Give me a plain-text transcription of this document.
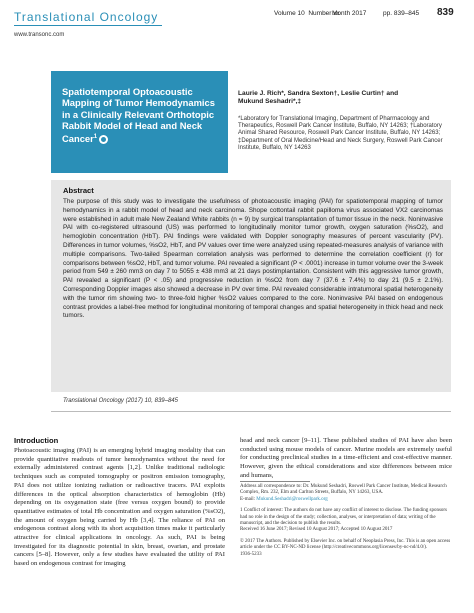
Translational Oncology
www.transonc.com
Volume 10 Number xx
Month 2017	pp. 839–845 839
Spatiotemporal Optoacoustic Mapping of Tumor Hemodynamics in a Clinically Relevant Orthotopic Rabbit Model of Head and Neck Cancer$^1$
Laurie J. Rich*, Sandra Sexton†, Leslie Curtin† and
Mukund Seshadri*,‡
*Laboratory for Translational Imaging, Department of Pharmacology and Therapeutics, Roswell Park Cancer Institute, Buffalo, NY 14263; †Laboratory Animal Shared Resource, Roswell Park Cancer Institute, Buffalo, NY 14263; ‡Department of Oral Medicine/Head and Neck Surgery, Roswell Park Cancer Institute, Buffalo, NY 14263
Abstract
The purpose of this study was to investigate the usefulness of photoacoustic imaging (PAI) for spatiotemporal mapping of tumor hemodynamics in a rabbit model of head and neck carcinoma. Shope cottontail rabbit papilloma virus associated VX2 carcinomas were established in adult male New Zealand White rabbits (n = 9) by surgical transplantation of tumor tissue in the neck. Noninvasive PAI with co-registered ultrasound (US) was performed to longitudinally monitor tumor growth, oxygen saturation (%sO2), and hemoglobin concentration (HbT). PAI findings were validated with Doppler sonography measures of percent vascularity (PV). Differences in tumor volumes, %sO2, HbT, and PV values over time were analyzed using repeated-measures analysis of variance with multiple comparisons. Two-tailed Spearman correlation analysis was performed to determine the correlation coefficient (r) for comparisons between %sO2, HbT, and tumor volume. PAI revealed a significant (P < .0001) increase in tumor volume over the 3-week period from 549 ± 260 mm3 on day 7 to 5055 ± 438 mm3 at 21 days postimplantation. Consistent with this aggressive tumor growth, PAI revealed a significant (P < .05) and progressive reduction in %sO2 from day 7 (37.6 ± 7.4%) to day 21 (9.5 ± 2.1%). Corresponding Doppler images also showed a decrease in PV over time. PAI revealed considerable intratumoral spatial heterogeneity with the tumor rim showing two- to three-fold higher %sO2 values compared to the core. Noninvasive PAI based on endogenous contrast provides a label-free method for longitudinal monitoring of temporal changes and spatial heterogeneity in thick head and neck tumors.
Translational Oncology (2017) 10, 839–845
Introduction
Photoacoustic imaging (PAI) is an emerging hybrid imaging modality that can provide quantitative readouts of tumor hemodynamics without the need for externally administered contrast agents [1,2]. Unlike traditional radiologic techniques such as computed tomography or positron emission tomography, PAI does not utilize ionizing radiation or radioactive tracers. PAI exploits differences in the optical absorption characteristics of hemoglobin (Hb) depending on its oxygenation state (free versus oxygen bound) to provide quantitative estimates of total Hb concentration and oxygen saturation (%sO2), the amount of oxygen being carried by Hb [3,4]. The reliance of PAI on endogenous contrast along with its short acquisition times make it particularly attractive for clinical applications in oncology. As such, PAI is being investigated for its diagnostic potential in skin, breast, ovarian, and prostate cancers [5–8]. However, only a few studies have evaluated the utility of PAI based on endogenous contrast for imaging
head and neck cancer [9–11]. These published studies of PAI have also been conducted using mouse models of cancer. Murine models are extremely useful for conducting preclinical studies in a time-efficient and cost-effective manner. However, given the ethical considerations and size differences between mice and humans,
Address all correspondence to: Dr. Mukund Seshadri, Roswell Park Cancer Institute, Medical Research Complex, Rm. 232, Elm and Carlton Streets, Buffalo, NY 14263, USA.
E-mail: Mukund.Seshadri@roswellpark.org
1 Conflict of interest: The authors do not have any conflict of interest to disclose. The funding sponsors had no role in the design of the study; collection, analyses, or interpretation of data; writing of the manuscript, and the decision to publish the results.
Received 16 June 2017; Revised 10 August 2017; Accepted 10 August 2017
© 2017 The Authors. Published by Elsevier Inc. on behalf of Neoplasia Press, Inc. This is an open access article under the CC BY-NC-ND license (http://creativecommons.org/licenses/by-nc-nd/4.0/).
1936-5233
